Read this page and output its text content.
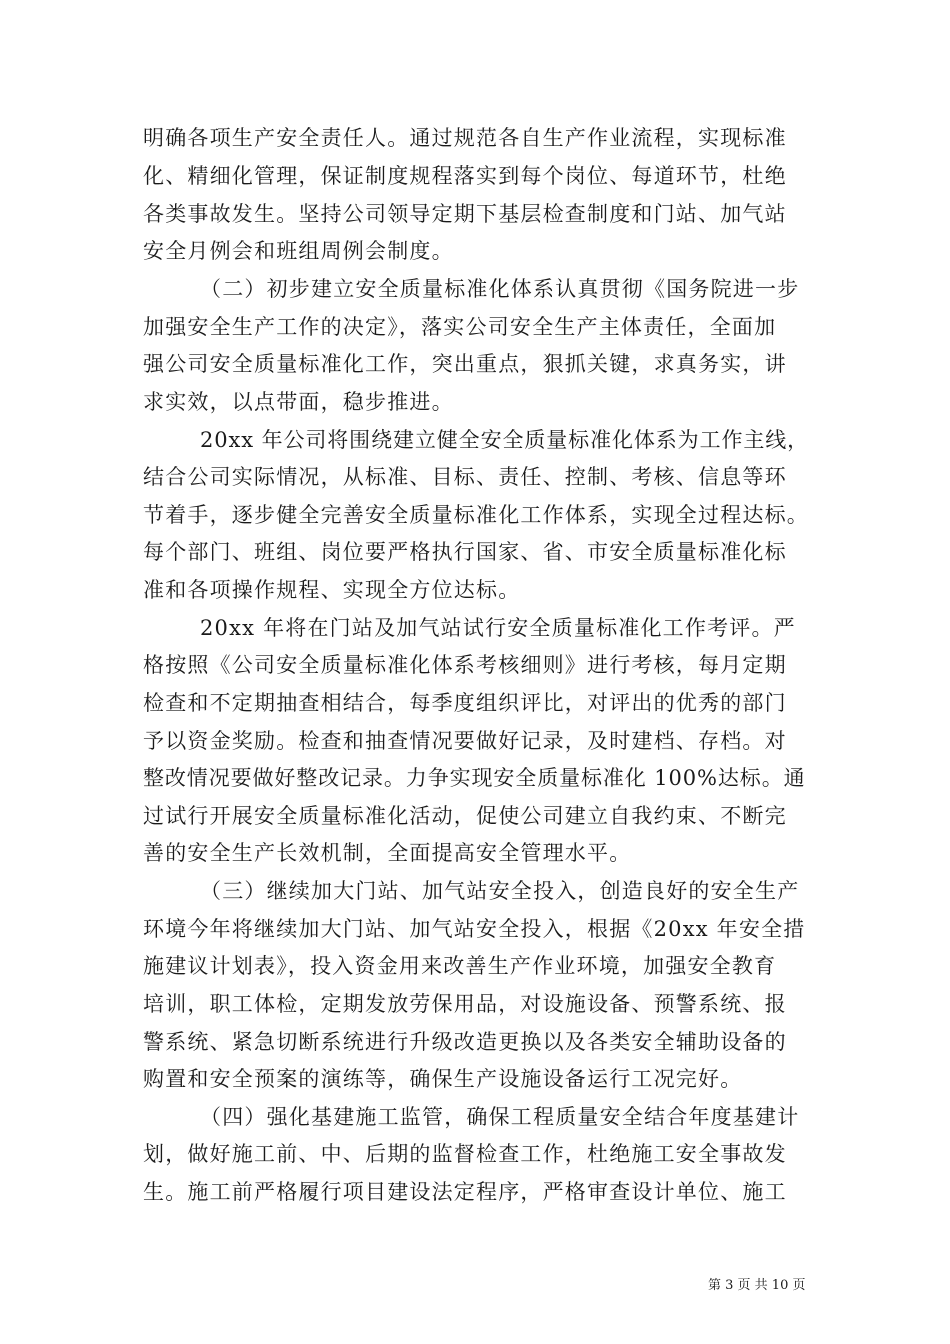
明确各项生产安全责任人。通过规范各自生产作业流程，实现标准
化、精细化管理，保证制度规程落实到每个岗位、每道环节，杜绝
各类事故发生。坚持公司领导定期下基层检查制度和门站、加气站
安全月例会和班组周例会制度。
（二）初步建立安全质量标准化体系认真贯彻《国务院进一步
加强安全生产工作的决定》，落实公司安全生产主体责任，全面加
强公司安全质量标准化工作，突出重点，狠抓关键，求真务实，讲
求实效，以点带面，稳步推进。
20xx 年公司将围绕建立健全安全质量标准化体系为工作主线，
结合公司实际情况，从标准、目标、责任、控制、考核、信息等环
节着手，逐步健全完善安全质量标准化工作体系，实现全过程达标。
每个部门、班组、岗位要严格执行国家、省、市安全质量标准化标
准和各项操作规程、实现全方位达标。
20xx 年将在门站及加气站试行安全质量标准化工作考评。严
格按照《公司安全质量标准化体系考核细则》进行考核，每月定期
检查和不定期抽查相结合，每季度组织评比，对评出的优秀的部门
予以资金奖励。检查和抽查情况要做好记录，及时建档、存档。对
整改情况要做好整改记录。力争实现安全质量标准化 100%达标。通
过试行开展安全质量标准化活动，促使公司建立自我约束、不断完
善的安全生产长效机制，全面提高安全管理水平。
（三）继续加大门站、加气站安全投入，创造良好的安全生产
环境今年将继续加大门站、加气站安全投入，根据《20xx 年安全措
施建议计划表》，投入资金用来改善生产作业环境，加强安全教育
培训，职工体检，定期发放劳保用品，对设施设备、预警系统、报
警系统、紧急切断系统进行升级改造更换以及各类安全辅助设备的
购置和安全预案的演练等，确保生产设施设备运行工况完好。
（四）强化基建施工监管，确保工程质量安全结合年度基建计
划，做好施工前、中、后期的监督检查工作，杜绝施工安全事故发
生。施工前严格履行项目建设法定程序，严格审查设计单位、施工
第 3 页 共 10 页
